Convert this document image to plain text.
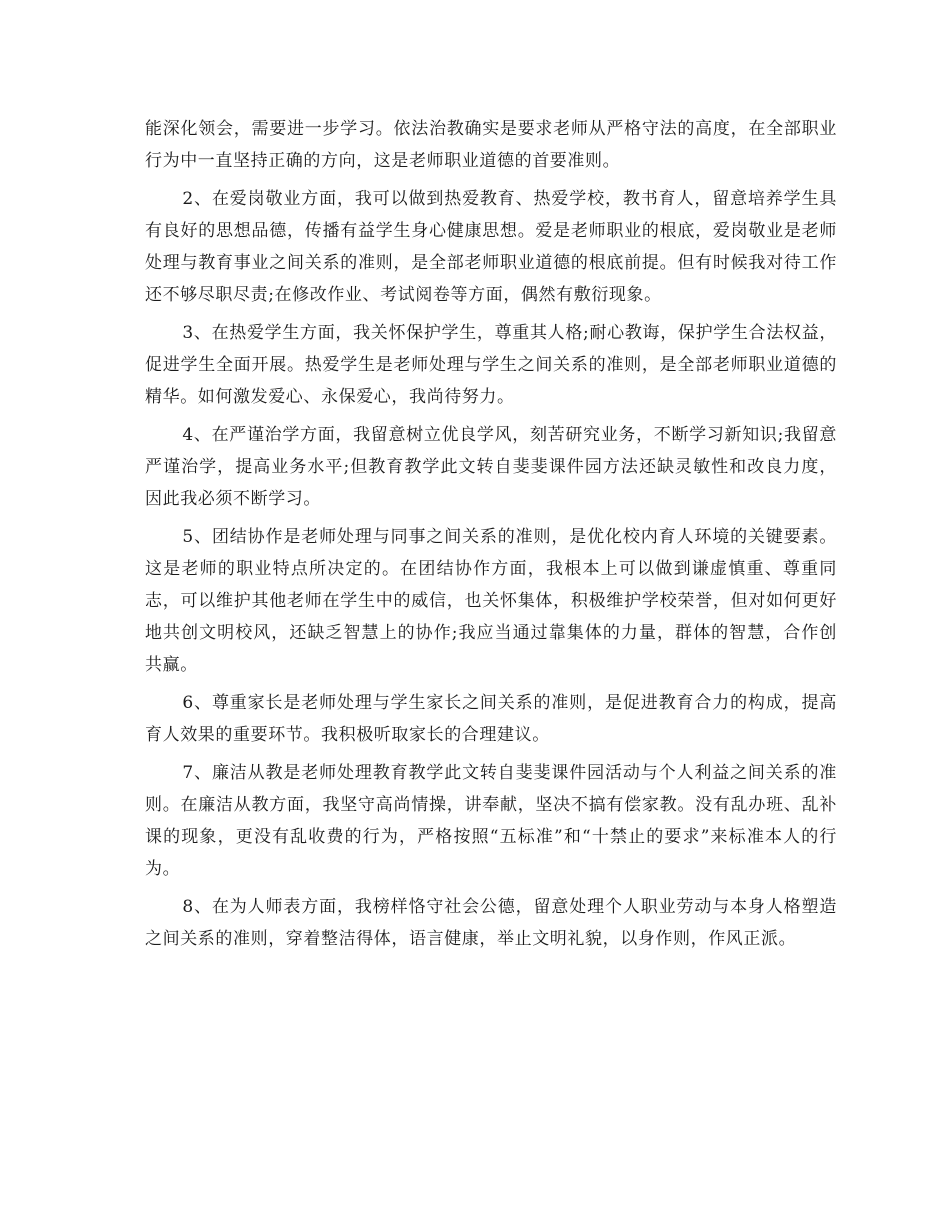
能深化领会，需要进一步学习。依法治教确实是要求老师从严格守法的高度，在全部职业行为中一直坚持正确的方向，这是老师职业道德的首要准则。

2、在爱岗敬业方面，我可以做到热爱教育、热爱学校，教书育人，留意培养学生具有良好的思想品德，传播有益学生身心健康思想。爱是老师职业的根底，爱岗敬业是老师处理与教育事业之间关系的准则，是全部老师职业道德的根底前提。但有时候我对待工作还不够尽职尽责;在修改作业、考试阅卷等方面，偶然有敷衍现象。

3、在热爱学生方面，我关怀保护学生，尊重其人格;耐心教诲，保护学生合法权益，促进学生全面开展。热爱学生是老师处理与学生之间关系的准则，是全部老师职业道德的精华。如何激发爱心、永保爱心，我尚待努力。

4、在严谨治学方面，我留意树立优良学风，刻苦研究业务，不断学习新知识;我留意严谨治学，提高业务水平;但教育教学此文转自斐斐课件园方法还缺灵敏性和改良力度，因此我必须不断学习。

5、团结协作是老师处理与同事之间关系的准则，是优化校内育人环境的关键要素。这是老师的职业特点所决定的。在团结协作方面，我根本上可以做到谦虚慎重、尊重同志，可以维护其他老师在学生中的威信，也关怀集体，积极维护学校荣誉，但对如何更好地共创文明校风，还缺乏智慧上的协作;我应当通过靠集体的力量，群体的智慧，合作创共赢。

6、尊重家长是老师处理与学生家长之间关系的准则，是促进教育合力的构成，提高育人效果的重要环节。我积极听取家长的合理建议。

7、廉洁从教是老师处理教育教学此文转自斐斐课件园活动与个人利益之间关系的准则。在廉洁从教方面，我坚守高尚情操，讲奉献，坚决不搞有偿家教。没有乱办班、乱补课的现象，更没有乱收费的行为，严格按照“五标准”和“十禁止的要求”来标准本人的行为。

8、在为人师表方面，我榜样恪守社会公德，留意处理个人职业劳动与本身人格塑造之间关系的准则，穿着整洁得体，语言健康，举止文明礼貌，以身作则，作风正派。
